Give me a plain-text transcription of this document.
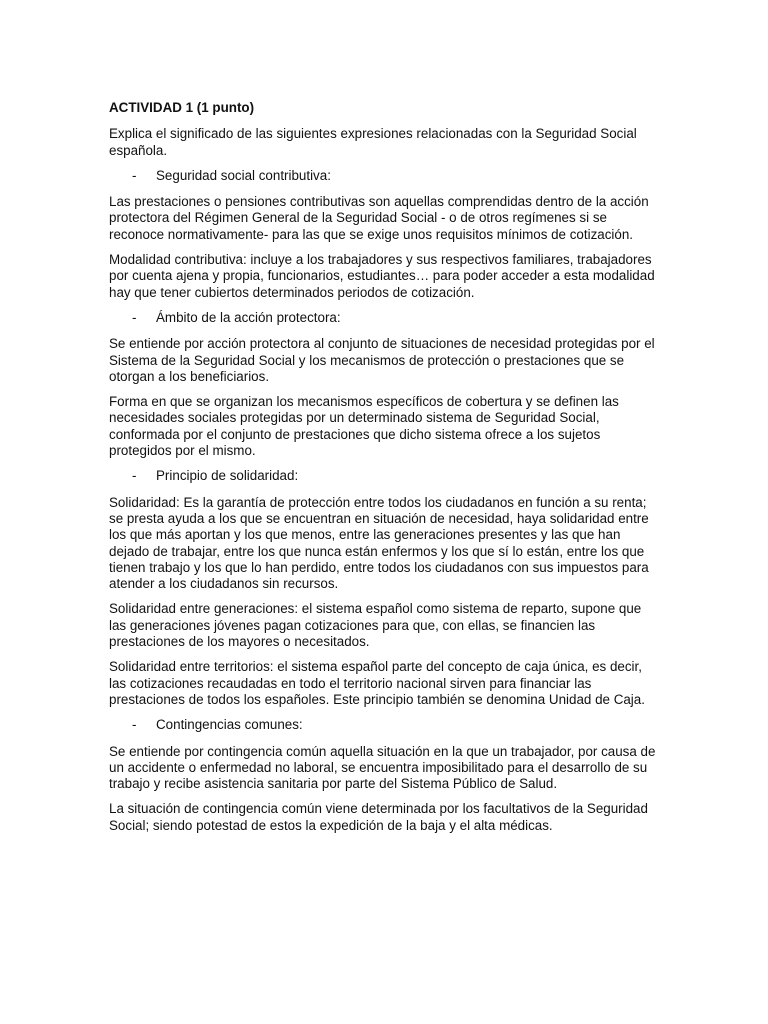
ACTIVIDAD 1 (1 punto)

Explica el significado de las siguientes expresiones relacionadas con la Seguridad Social española.

-	Seguridad social contributiva:

Las prestaciones o pensiones contributivas son aquellas comprendidas dentro de la acción protectora del Régimen General de la Seguridad Social - o de otros regímenes si se reconoce normativamente- para las que se exige unos requisitos mínimos de cotización.

Modalidad contributiva: incluye a los trabajadores y sus respectivos familiares, trabajadores por cuenta ajena y propia, funcionarios, estudiantes… para poder acceder a esta modalidad hay que tener cubiertos determinados periodos de cotización.

-	Ámbito de la acción protectora:

Se entiende por acción protectora al conjunto de situaciones de necesidad protegidas por el Sistema de la Seguridad Social y los mecanismos de protección o prestaciones que se otorgan a los beneficiarios.

Forma en que se organizan los mecanismos específicos de cobertura y se definen las necesidades sociales protegidas por un determinado sistema de Seguridad Social, conformada por el conjunto de prestaciones que dicho sistema ofrece a los sujetos protegidos por el mismo.

-	Principio de solidaridad:

Solidaridad: Es la garantía de protección entre todos los ciudadanos en función a su renta; se presta ayuda a los que se encuentran en situación de necesidad, haya solidaridad entre los que más aportan y los que menos, entre las generaciones presentes y las que han dejado de trabajar, entre los que nunca están enfermos y los que sí lo están, entre los que tienen trabajo y los que lo han perdido, entre todos los ciudadanos con sus impuestos para atender a los ciudadanos sin recursos.

Solidaridad entre generaciones: el sistema español como sistema de reparto, supone que las generaciones jóvenes pagan cotizaciones para que, con ellas, se financien las prestaciones de los mayores o necesitados.

Solidaridad entre territorios: el sistema español parte del concepto de caja única, es decir, las cotizaciones recaudadas en todo el territorio nacional sirven para financiar las prestaciones de todos los españoles. Este principio también se denomina Unidad de Caja.

-	Contingencias comunes:

Se entiende por contingencia común aquella situación en la que un trabajador, por causa de un accidente o enfermedad no laboral, se encuentra imposibilitado para el desarrollo de su trabajo y recibe asistencia sanitaria por parte del Sistema Público de Salud.

La situación de contingencia común viene determinada por los facultativos de la Seguridad Social; siendo potestad de estos la expedición de la baja y el alta médicas.
